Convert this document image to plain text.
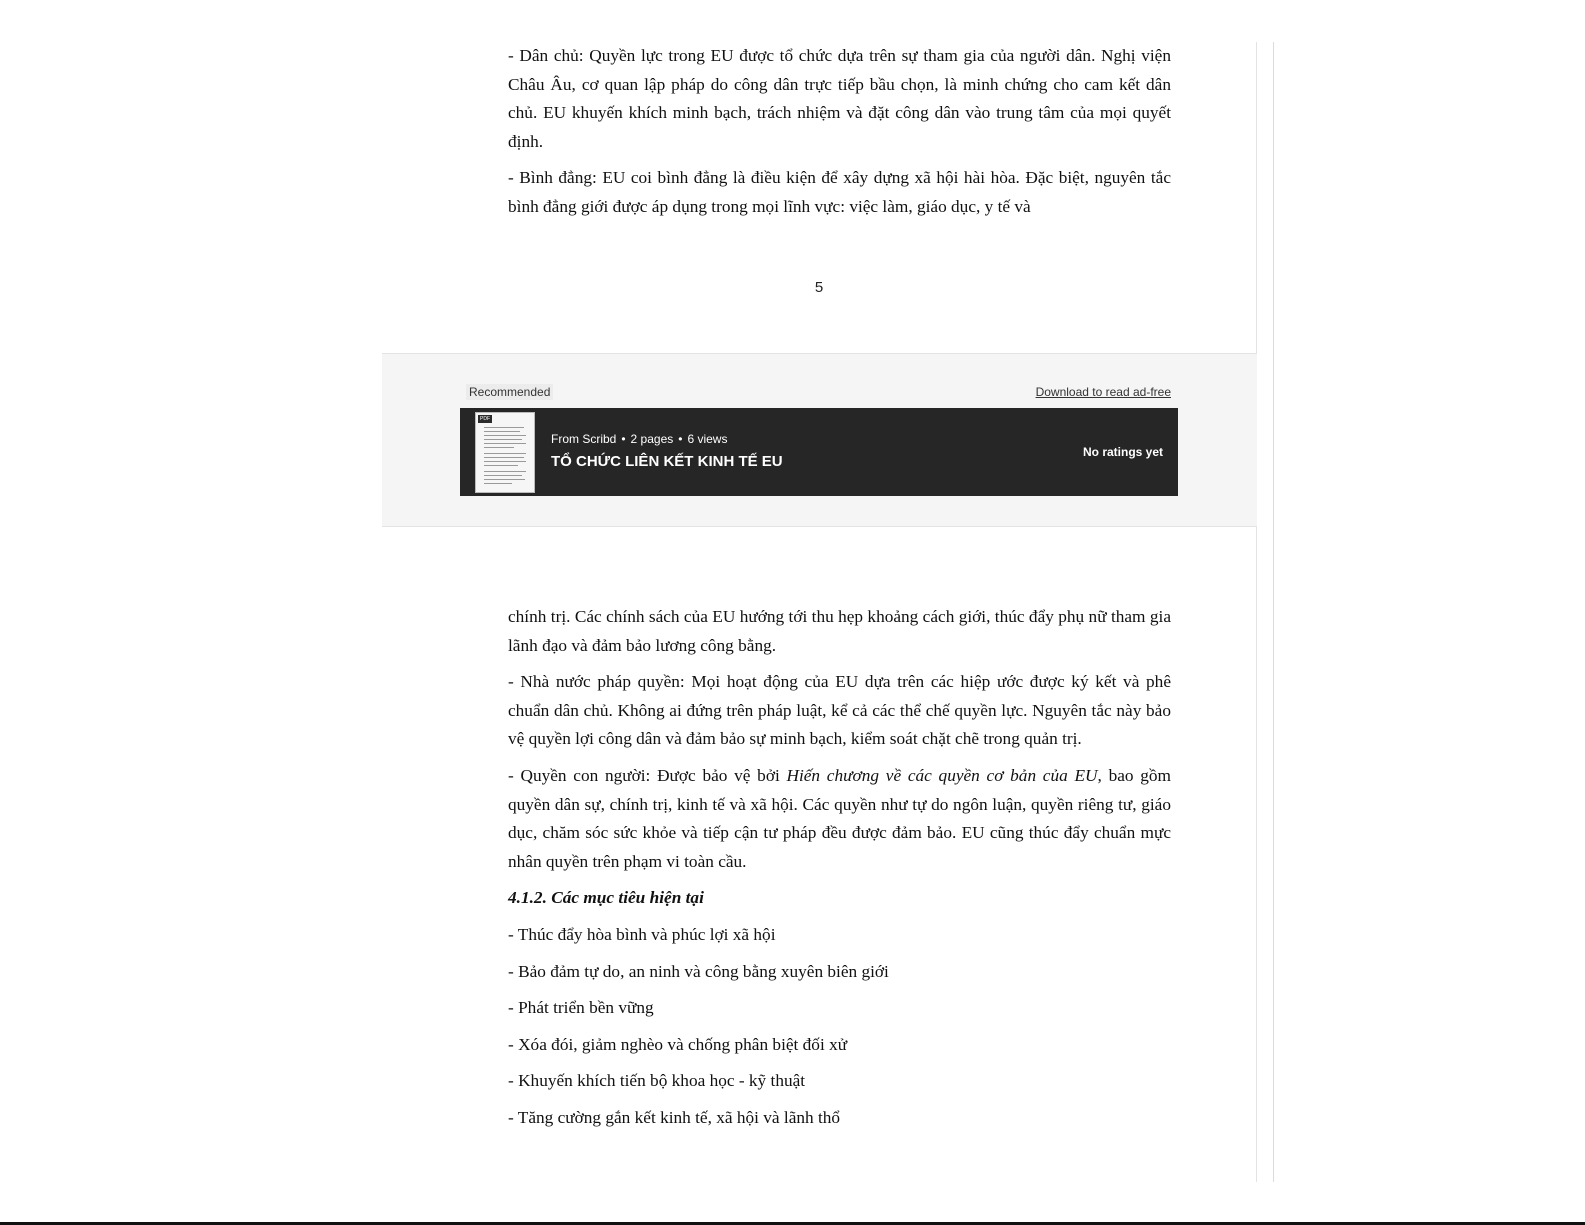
- Dân chủ: Quyền lực trong EU được tổ chức dựa trên sự tham gia của người dân. Nghị viện Châu Âu, cơ quan lập pháp do công dân trực tiếp bầu chọn, là minh chứng cho cam kết dân chủ. EU khuyến khích minh bạch, trách nhiệm và đặt công dân vào trung tâm của mọi quyết định.

- Bình đẳng: EU coi bình đẳng là điều kiện để xây dựng xã hội hài hòa. Đặc biệt, nguyên tắc bình đẳng giới được áp dụng trong mọi lĩnh vực: việc làm, giáo dục, y tế và

5
Recommended	Download to read ad-free
PDF
From Scribd • 2 pages • 6 views
TỔ CHỨC LIÊN KẾT KINH TẾ EU
No ratings yet

chính trị. Các chính sách của EU hướng tới thu hẹp khoảng cách giới, thúc đẩy phụ nữ tham gia lãnh đạo và đảm bảo lương công bằng.

- Nhà nước pháp quyền: Mọi hoạt động của EU dựa trên các hiệp ước được ký kết và phê chuẩn dân chủ. Không ai đứng trên pháp luật, kể cả các thể chế quyền lực. Nguyên tắc này bảo vệ quyền lợi công dân và đảm bảo sự minh bạch, kiểm soát chặt chẽ trong quản trị.

- Quyền con người: Được bảo vệ bởi Hiến chương về các quyền cơ bản của EU, bao gồm quyền dân sự, chính trị, kinh tế và xã hội. Các quyền như tự do ngôn luận, quyền riêng tư, giáo dục, chăm sóc sức khỏe và tiếp cận tư pháp đều được đảm bảo. EU cũng thúc đẩy chuẩn mực nhân quyền trên phạm vi toàn cầu.

4.1.2. Các mục tiêu hiện tại

- Thúc đẩy hòa bình và phúc lợi xã hội

- Bảo đảm tự do, an ninh và công bằng xuyên biên giới

- Phát triển bền vững

- Xóa đói, giảm nghèo và chống phân biệt đối xử

- Khuyến khích tiến bộ khoa học - kỹ thuật

- Tăng cường gắn kết kinh tế, xã hội và lãnh thổ
